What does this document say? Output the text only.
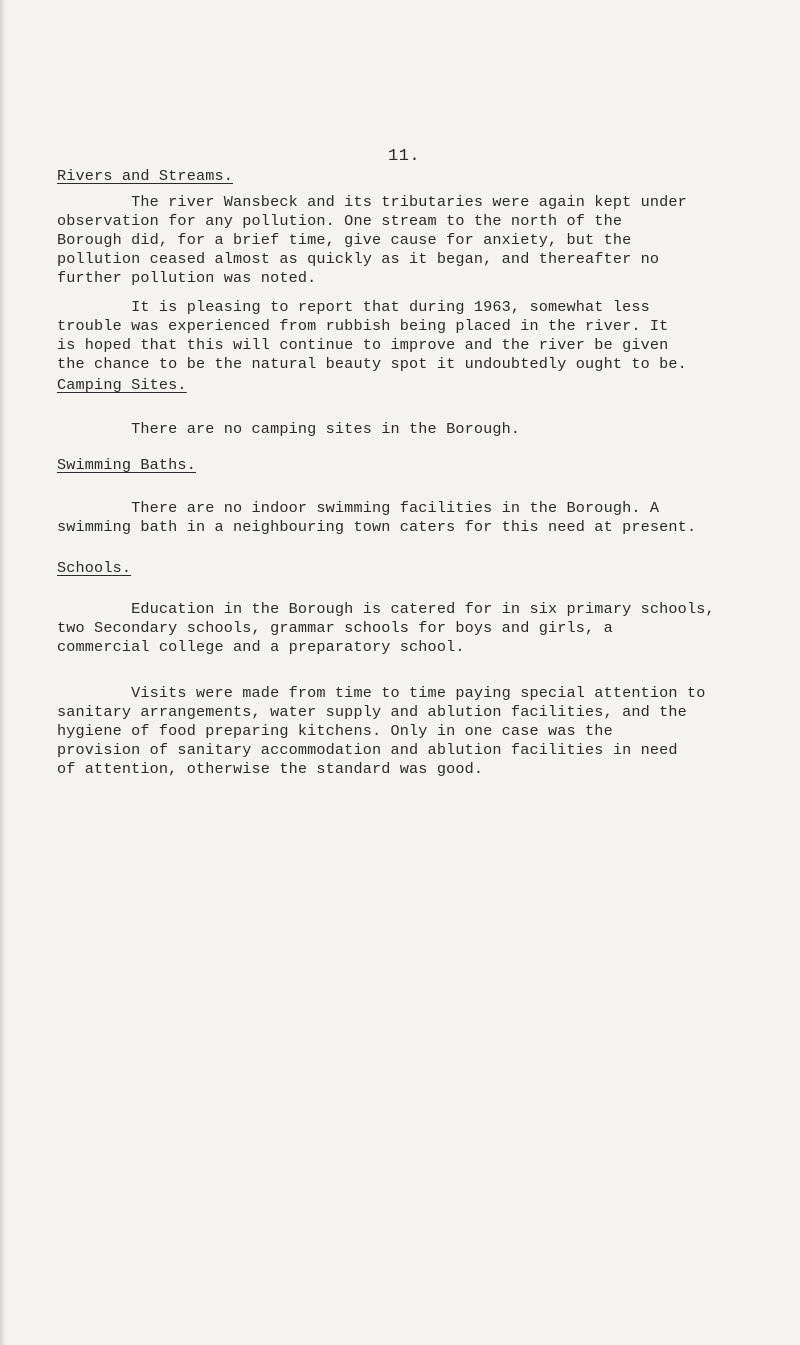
11.
Rivers and Streams.
The river Wansbeck and its tributaries were again kept under
observation for any pollution. One stream to the north of the
Borough did, for a brief time, give cause for anxiety, but the
pollution ceased almost as quickly as it began, and thereafter no
further pollution was noted.
It is pleasing to report that during 1963, somewhat less
trouble was experienced from rubbish being placed in the river. It
is hoped that this will continue to improve and the river be given
the chance to be the natural beauty spot it undoubtedly ought to be.
Camping Sites.
There are no camping sites in the Borough.
Swimming Baths.
There are no indoor swimming facilities in the Borough. A
swimming bath in a neighbouring town caters for this need at present.
Schools.
Education in the Borough is catered for in six primary schools,
two Secondary schools, grammar schools for boys and girls, a
commercial college and a preparatory school.
Visits were made from time to time paying special attention to
sanitary arrangements, water supply and ablution facilities, and the
hygiene of food preparing kitchens. Only in one case was the
provision of sanitary accommodation and ablution facilities in need
of attention, otherwise the standard was good.
